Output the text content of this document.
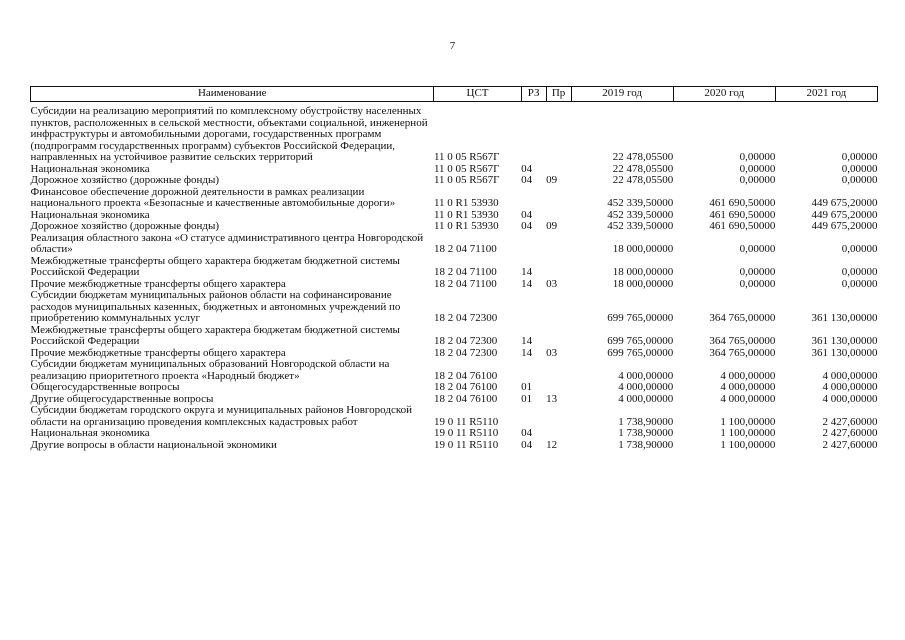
7
Наименование	ЦСТ	РЗ	Пр	2019 год	2020 год	2021 год

Субсидии на реализацию мероприятий по комплексному обустройству населенных пунктов, расположенных в сельской местности, объектами социальной, инженерной инфраструктуры и автомобильными дорогами, государственных программ (подпрограмм государственных программ) субъектов Российской Федерации, направленных на устойчивое развитие сельских территорий	11 0 05 R567Г			22 478,05500	0,00000	0,00000
Национальная экономика	11 0 05 R567Г	04		22 478,05500	0,00000	0,00000
Дорожное хозяйство (дорожные фонды)	11 0 05 R567Г	04	09	22 478,05500	0,00000	0,00000
Финансовое обеспечение дорожной деятельности в рамках реализации национального проекта «Безопасные и качественные автомобильные дороги»	11 0 R1 53930			452 339,50000	461 690,50000	449 675,20000
Национальная экономика	11 0 R1 53930	04		452 339,50000	461 690,50000	449 675,20000
Дорожное хозяйство (дорожные фонды)	11 0 R1 53930	04	09	452 339,50000	461 690,50000	449 675,20000
Реализация областного закона «О статусе административного центра Новгородской области»	18 2 04 71100			18 000,00000	0,00000	0,00000
Межбюджетные трансферты общего характера бюджетам бюджетной системы Российской Федерации	18 2 04 71100	14		18 000,00000	0,00000	0,00000
Прочие межбюджетные трансферты общего характера	18 2 04 71100	14	03	18 000,00000	0,00000	0,00000
Субсидии бюджетам муниципальных районов области на софинансирование расходов муниципальных казенных, бюджетных и автономных учреждений по приобретению коммунальных услуг	18 2 04 72300			699 765,00000	364 765,00000	361 130,00000
Межбюджетные трансферты общего характера бюджетам бюджетной системы Российской Федерации	18 2 04 72300	14		699 765,00000	364 765,00000	361 130,00000
Прочие межбюджетные трансферты общего характера	18 2 04 72300	14	03	699 765,00000	364 765,00000	361 130,00000
Субсидии бюджетам муниципальных образований Новгородской области на реализацию приоритетного проекта «Народный бюджет»	18 2 04 76100			4 000,00000	4 000,00000	4 000,00000
Общегосударственные вопросы	18 2 04 76100	01		4 000,00000	4 000,00000	4 000,00000
Другие общегосударственные вопросы	18 2 04 76100	01	13	4 000,00000	4 000,00000	4 000,00000
Субсидии бюджетам городского округа и муниципальных районов Новгородской области на организацию проведения комплексных кадастровых работ	19 0 11 R5110			1 738,90000	1 100,00000	2 427,60000
Национальная экономика	19 0 11 R5110	04		1 738,90000	1 100,00000	2 427,60000
Другие вопросы в области национальной экономики	19 0 11 R5110	04	12	1 738,90000	1 100,00000	2 427,60000
